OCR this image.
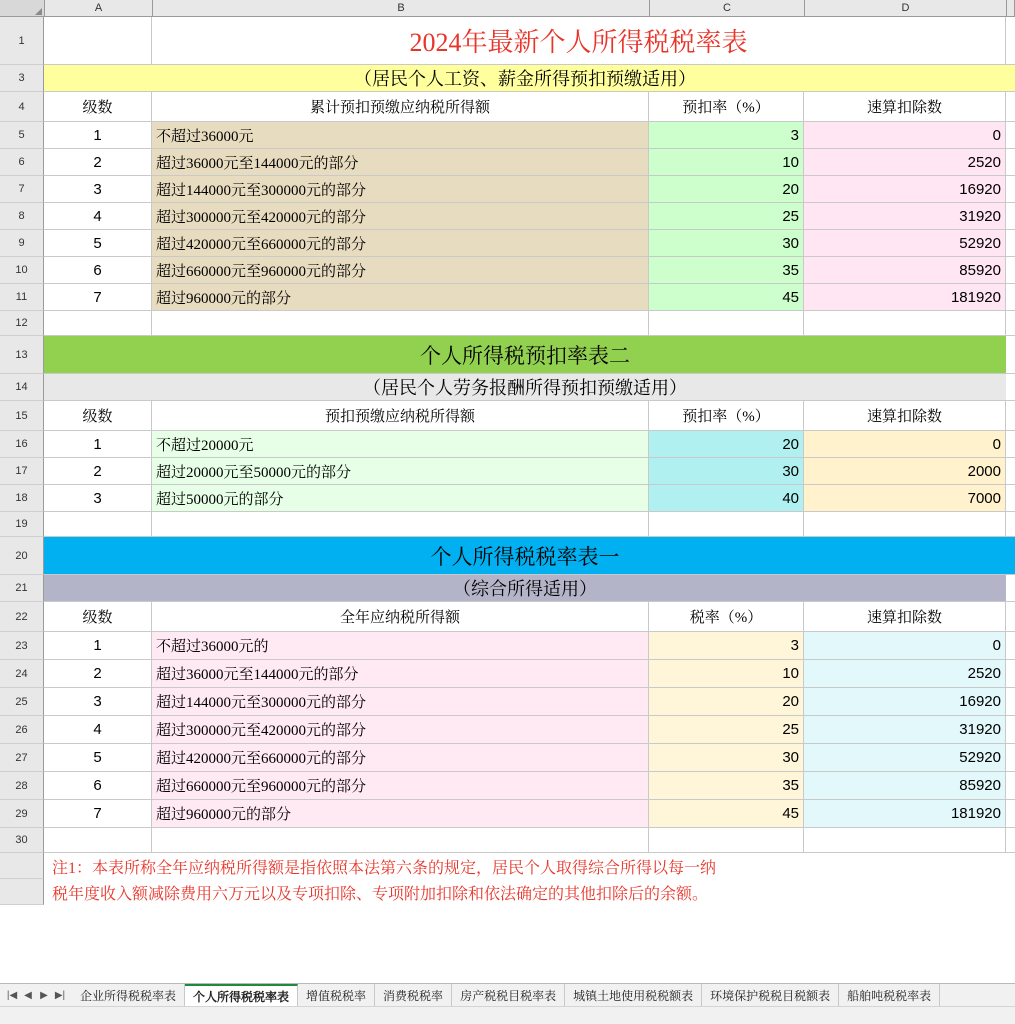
A	B	C	D
1	2024年最新个人所得税税率表
3	（居民个人工资、薪金所得预扣预缴适用）
4	级数	累计预扣预缴应纳税所得额	预扣率（%）	速算扣除数
5	1	不超过36000元	3	0
6	2	超过36000元至144000元的部分	10	2520
7	3	超过144000元至300000元的部分	20	16920
8	4	超过300000元至420000元的部分	25	31920
9	5	超过420000元至660000元的部分	30	52920
10	6	超过660000元至960000元的部分	35	85920
11	7	超过960000元的部分	45	181920
12
13	个人所得税预扣率表二
14	（居民个人劳务报酬所得预扣预缴适用）
15	级数	预扣预缴应纳税所得额	预扣率（%）	速算扣除数
16	1	不超过20000元	20	0
17	2	超过20000元至50000元的部分	30	2000
18	3	超过50000元的部分	40	7000
19
20	个人所得税税率表一
21	（综合所得适用）
22	级数	全年应纳税所得额	税率（%）	速算扣除数
23	1	不超过36000元的	3	0
24	2	超过36000元至144000元的部分	10	2520
25	3	超过144000元至300000元的部分	20	16920
26	4	超过300000元至420000元的部分	25	31920
27	5	超过420000元至660000元的部分	30	52920
28	6	超过660000元至960000元的部分	35	85920
29	7	超过960000元的部分	45	181920
30
注1：本表所称全年应纳税所得额是指依照本法第六条的规定，居民个人取得综合所得以每一纳
税年度收入额减除费用六万元以及专项扣除、专项附加扣除和依法确定的其他扣除后的余额。
|◀ ◀ ▶ ▶|	企业所得税税率表	个人所得税税率表	增值税税率	消费税税率	房产税税目税率表	城镇土地使用税税额表	环境保护税税目税额表	船舶吨税税率表
